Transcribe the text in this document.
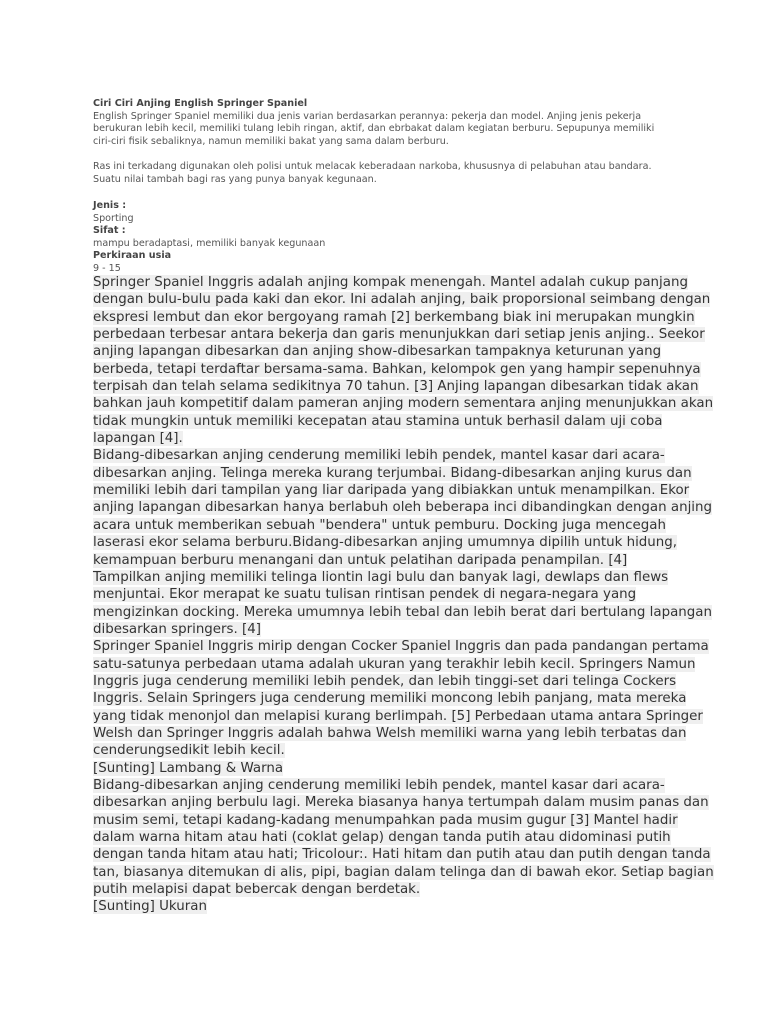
Ciri Ciri Anjing English Springer Spaniel
English Springer Spaniel memiliki dua jenis varian berdasarkan perannya: pekerja dan model. Anjing jenis pekerja
berukuran lebih kecil, memiliki tulang lebih ringan, aktif, dan ebrbakat dalam kegiatan berburu. Sepupunya memiliki
ciri-ciri fisik sebaliknya, namun memiliki bakat yang sama dalam berburu.
Ras ini terkadang digunakan oleh polisi untuk melacak keberadaan narkoba, khususnya di pelabuhan atau bandara.
Suatu nilai tambah bagi ras yang punya banyak kegunaan.
Jenis :
Sporting
Sifat :
mampu beradaptasi, memiliki banyak kegunaan
Perkiraan usia
9 - 15
Springer Spaniel Inggris adalah anjing kompak menengah. Mantel adalah cukup panjang
dengan bulu-bulu pada kaki dan ekor. Ini adalah anjing, baik proporsional seimbang dengan
ekspresi lembut dan ekor bergoyang ramah [2] berkembang biak ini merupakan mungkin
perbedaan terbesar antara bekerja dan garis menunjukkan dari setiap jenis anjing.. Seekor
anjing lapangan dibesarkan dan anjing show-dibesarkan tampaknya keturunan yang
berbeda, tetapi terdaftar bersama-sama. Bahkan, kelompok gen yang hampir sepenuhnya
terpisah dan telah selama sedikitnya 70 tahun. [3] Anjing lapangan dibesarkan tidak akan
bahkan jauh kompetitif dalam pameran anjing modern sementara anjing menunjukkan akan
tidak mungkin untuk memiliki kecepatan atau stamina untuk berhasil dalam uji coba
lapangan [4].
Bidang-dibesarkan anjing cenderung memiliki lebih pendek, mantel kasar dari acara-
dibesarkan anjing. Telinga mereka kurang terjumbai. Bidang-dibesarkan anjing kurus dan
memiliki lebih dari tampilan yang liar daripada yang dibiakkan untuk menampilkan. Ekor
anjing lapangan dibesarkan hanya berlabuh oleh beberapa inci dibandingkan dengan anjing
acara untuk memberikan sebuah "bendera" untuk pemburu. Docking juga mencegah
laserasi ekor selama berburu.Bidang-dibesarkan anjing umumnya dipilih untuk hidung,
kemampuan berburu menangani dan untuk pelatihan daripada penampilan. [4]
Tampilkan anjing memiliki telinga liontin lagi bulu dan banyak lagi, dewlaps dan flews
menjuntai. Ekor merapat ke suatu tulisan rintisan pendek di negara-negara yang
mengizinkan docking. Mereka umumnya lebih tebal dan lebih berat dari bertulang lapangan
dibesarkan springers. [4]
Springer Spaniel Inggris mirip dengan Cocker Spaniel Inggris dan pada pandangan pertama
satu-satunya perbedaan utama adalah ukuran yang terakhir lebih kecil. Springers Namun
Inggris juga cenderung memiliki lebih pendek, dan lebih tinggi-set dari telinga Cockers
Inggris. Selain Springers juga cenderung memiliki moncong lebih panjang, mata mereka
yang tidak menonjol dan melapisi kurang berlimpah. [5] Perbedaan utama antara Springer
Welsh dan Springer Inggris adalah bahwa Welsh memiliki warna yang lebih terbatas dan
cenderungsedikit lebih kecil.
[Sunting] Lambang & Warna
Bidang-dibesarkan anjing cenderung memiliki lebih pendek, mantel kasar dari acara-
dibesarkan anjing berbulu lagi. Mereka biasanya hanya tertumpah dalam musim panas dan
musim semi, tetapi kadang-kadang menumpahkan pada musim gugur [3] Mantel hadir
dalam warna hitam atau hati (coklat gelap) dengan tanda putih atau didominasi putih
dengan tanda hitam atau hati; Tricolour:. Hati hitam dan putih atau dan putih dengan tanda
tan, biasanya ditemukan di alis, pipi, bagian dalam telinga dan di bawah ekor. Setiap bagian
putih melapisi dapat bebercak dengan berdetak.
[Sunting] Ukuran
